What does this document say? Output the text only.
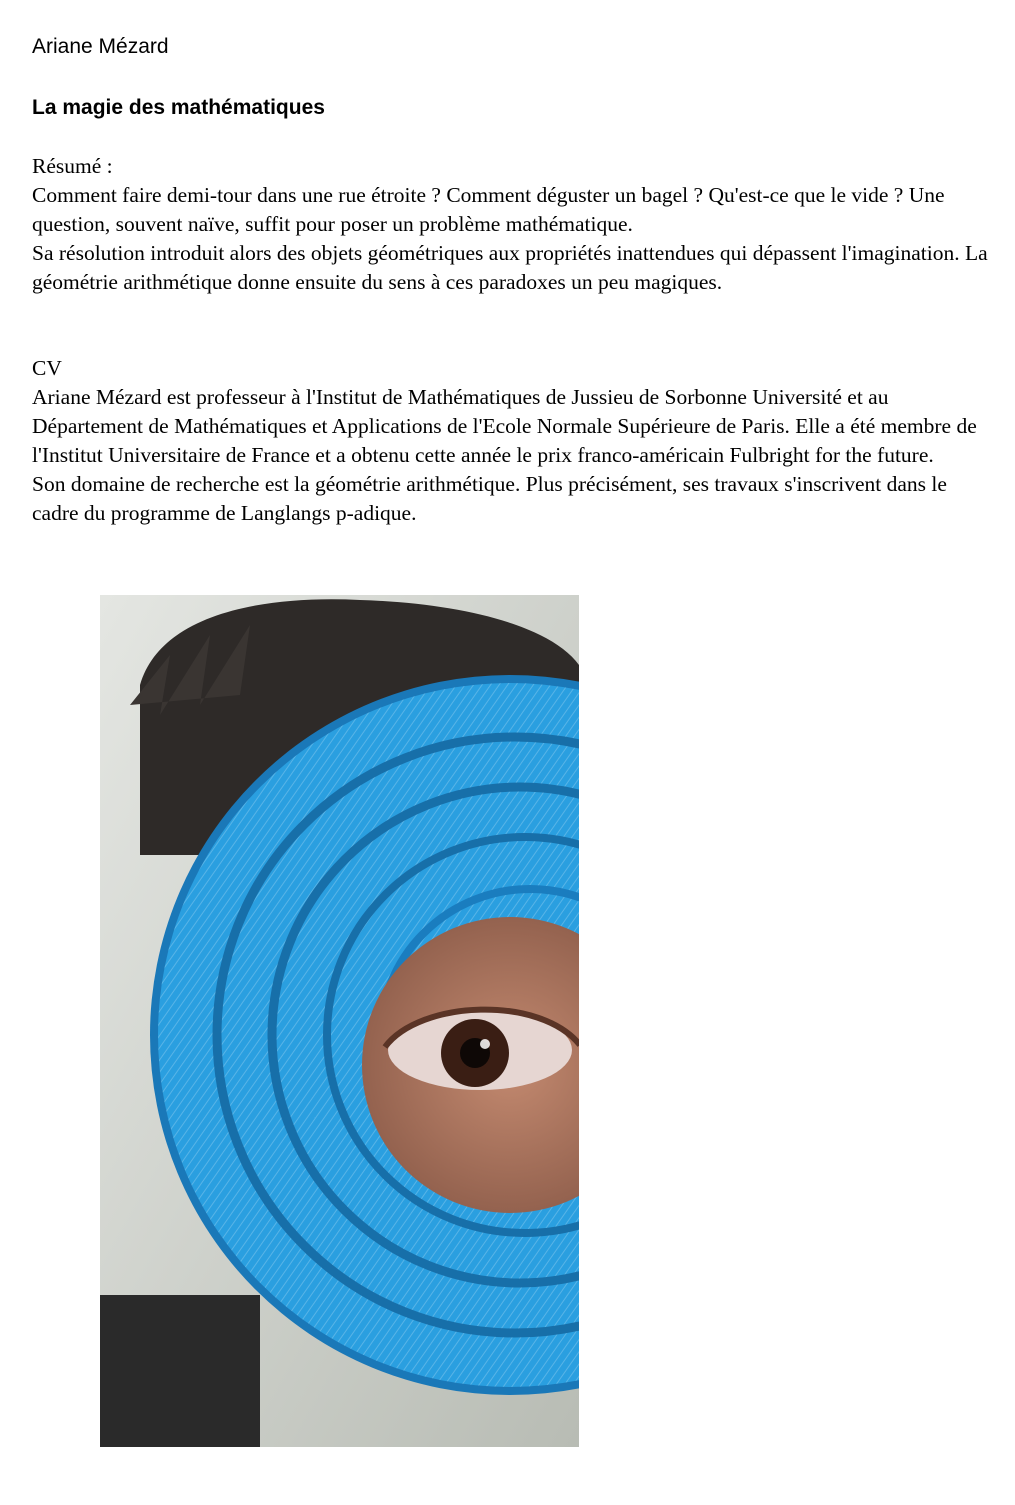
Ariane Mézard
La magie des mathématiques

Résumé :

Comment faire demi-tour dans une rue étroite ? Comment déguster un bagel ? Qu'est-ce que le vide ? Une question, souvent naïve, suffit pour poser un problème mathématique.

Sa résolution introduit alors des objets géométriques aux propriétés inattendues qui dépassent l'imagination. La géométrie arithmétique donne ensuite du sens à ces paradoxes un peu magiques.

CV

Ariane Mézard est professeur à l'Institut de Mathématiques de Jussieu de Sorbonne Université et au Département de Mathématiques et Applications de l'Ecole Normale Supérieure de Paris. Elle a été membre de l'Institut Universitaire de France et a obtenu cette année le prix franco-américain Fulbright for the future.

Son domaine de recherche est la géométrie arithmétique. Plus précisément, ses travaux s'inscrivent dans le cadre du programme de Langlangs p-adique.
